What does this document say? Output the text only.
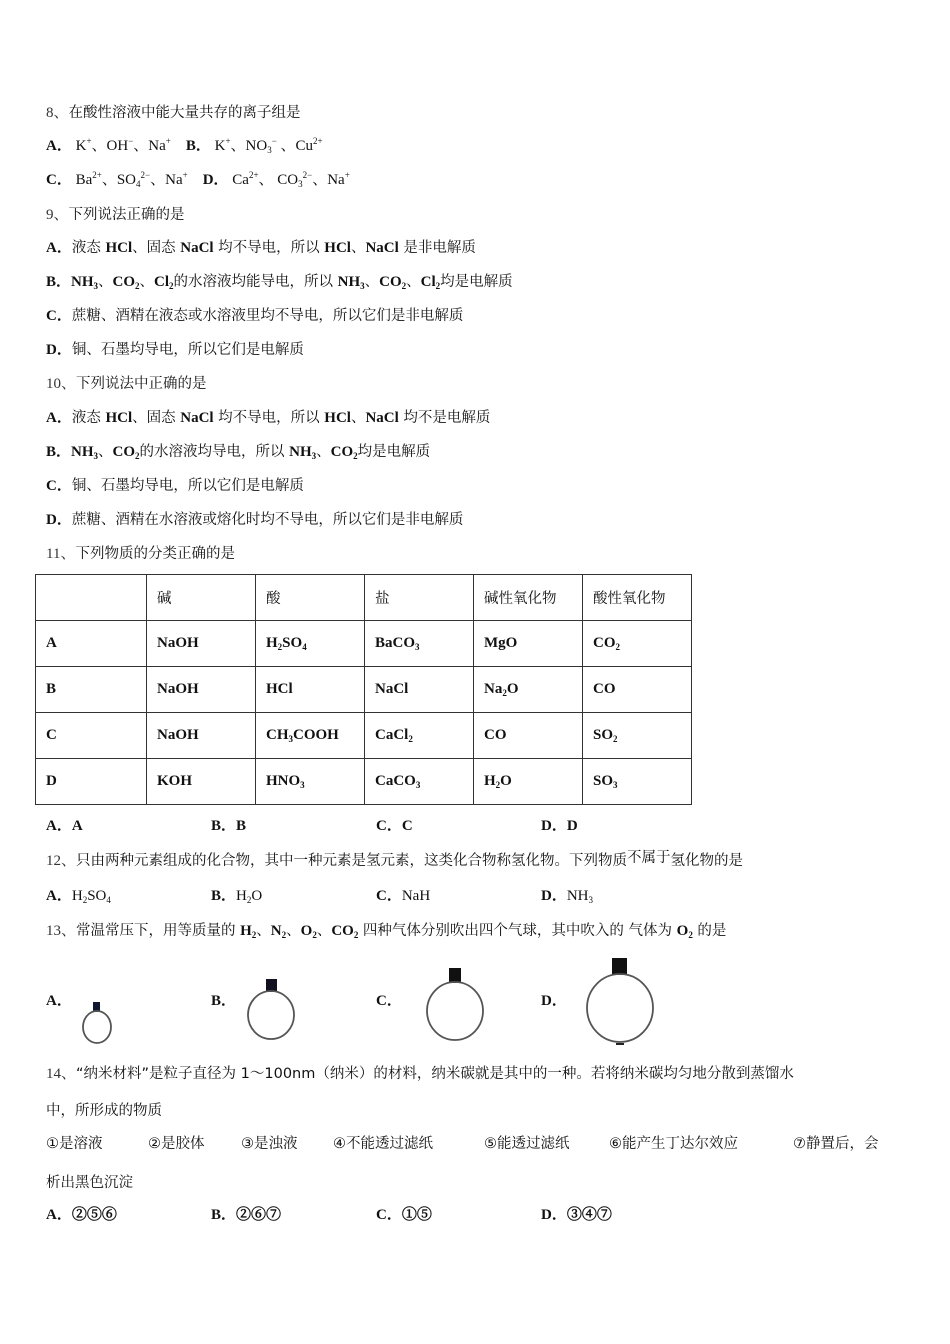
8、在酸性溶液中能大量共存的离子组是
A． K+、OH−、Na+ B． K+、$NO_3^-$ 、$Cu^{2+}$
C． $Ba^{2+}$、$SO_4^{2-}$、Na+ D． $Ca^{2+}$、 $CO_3^{2-}$、Na+
9、下列说法正确的是
A．液态 HCl、固态 NaCl 均不导电，所以 HCl、NaCl 是非电解质
B．$NH_3$、$CO_2$、$Cl_2$的水溶液均能导电，所以 $NH_3$、$CO_2$、$Cl_2$均是电解质
C．蔗糖、酒精在液态或水溶液里均不导电，所以它们是非电解质
D．铜、石墨均导电，所以它们是电解质
10、下列说法中正确的是
A．液态 HCl、固态 NaCl 均不导电，所以 HCl、NaCl 均不是电解质
B．$NH_3$、$CO_2$的水溶液均导电，所以 $NH_3$、$CO_2$均是电解质
C．铜、石墨均导电，所以它们是电解质
D．蔗糖、酒精在水溶液或熔化时均不导电，所以它们是非电解质
11、下列物质的分类正确的是
	碱	酸	盐	碱性氧化物	酸性氧化物
A	NaOH	$H_2SO_4$	BaCO$_3$	MgO	$CO_2$
B	NaOH	HCl	NaCl	$Na_2O$	CO
C	NaOH	$CH_3COOH$	CaCl$_2$	CO	$SO_2$
D	KOH	$HNO_3$	CaCO$_3$	$H_2O$	$SO_3$
A．A	B．B	C．C	D．D
12、只由两种元素组成的化合物，其中一种元素是氢元素，这类化合物称氢化物。下列物质不属于氢化物的是
A．$H_2SO_4$	B．$H_2O$	C．NaH	D．$NH_3$
13、常温常压下，用等质量的 $H_2$、$N_2$、$O_2$、$CO_2$ 四种气体分别吹出四个气球，其中吹入的 气体为 $O_2$ 的是
A．	B．	C．	D．
14、“纳米材料”是粒子直径为 1～100nm（纳米）的材料，纳米碳就是其中的一种。若将纳米碳均匀地分散到蒸馏水
中，所形成的物质
①是溶液	②是胶体	③是浊液 ④不能透过滤纸	⑤能透过滤纸	⑥能产生丁达尔效应	⑦静置后，会
析出黑色沉淀
A．②⑤⑥	B．②⑥⑦	C．①⑤	D．③④⑦
